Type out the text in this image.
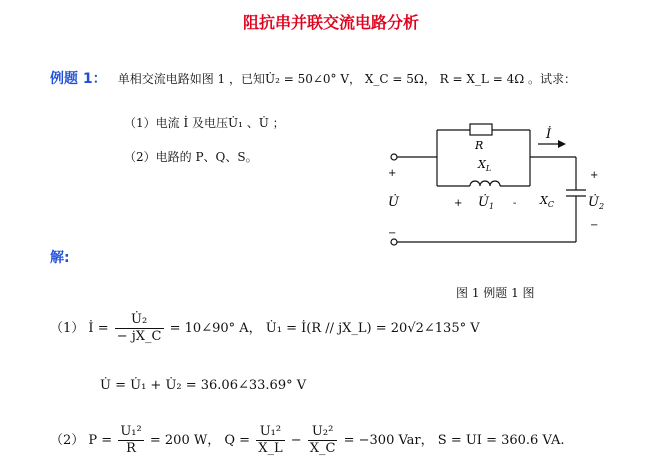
阻抗串并联交流电路分析
例题 1： 单相交流电路如图 1 ，已知U̇₂ = 50∠0° V， X_C = 5Ω， R = X_L = 4Ω 。试求：
（1）电流 İ 及电压U̇₁ 、U̇ ；
（2）电路的 P、Q、S。
解:
R
$X_L$
İ
+
U̇
−
+ $U̇_1 - X_C$
+
$U̇_2$
−
图 1 例题 1 图
（1） İ = $\frac{\text{U̇₂}}{- jX\_C}$ = 10∠90° A， U̇₁ = İ(R // jX_L) = 20√2∠135° V
U̇ = U̇₁ + U̇₂ = 36.06∠33.69° V
（2） $P = \frac{\text{U₁²}}{R} = 200$ W， $Q = \frac{\text{U₁²}}{X\_L} - \frac{\text{U₂²}}{X\_C} = -300$ Var， S = UI = 360.6 VA.
